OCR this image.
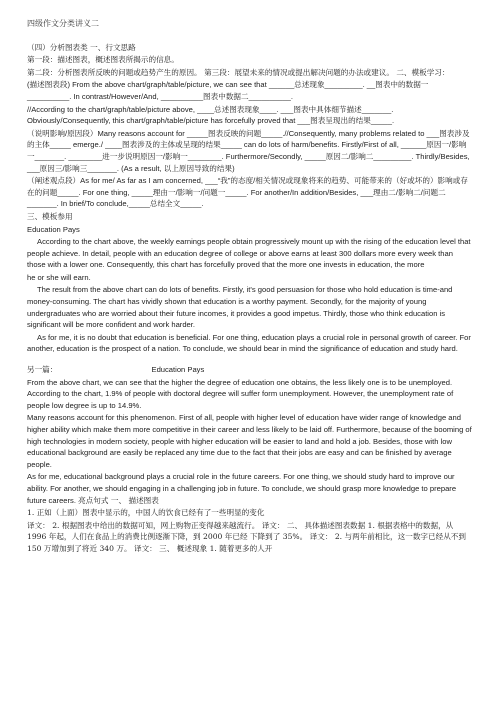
四级作文分类讲义二

（四）分析图表类 一、行文思路

第一段：描述图表，概述图表所揭示的信息。

第二段：分析图表所反映的问题或趋势产生的原因。 第三段：展望未来的情况或提出解决问题的办法或建议。 二、模板学习：

(描述图表段) From the above chart/graph/table/picture, we can see that ______总述现象_________. __图表中的数据一__________. In contrast/However/And, __________图表中数据二__________.

//According to the chart/graph/table/picture above, ____总述图表现象____. ___图表中具体细节描述_______. Obviously/Consequently, this chart/graph/table/picture has forcefully proved that ___图表呈现出的结果_____.

（说明影响/原因段）Many reasons account for _____图表反映的问题_____.//Consequently, many problems related to ___图表涉及的主体_____ emerge./ ____图表涉及的主体或呈现的结果_____ can do lots of harm/benefits. Firstly/First of all, ______原因一/影响一_______. ________进一步说明原因一/影响一________. Furthermore/Secondly, _____原因二/影响二_________. Thirdly/Besides, ___原因三/影响三_______. (As a result, 以上原因导致的结果)

（阐述观点段）As for me/ As far as I am concerned, ___“我”的态度/相关情况或现象将来的趋势、可能带来的（好或坏的）影响或存在的问题_____. For one thing, _____理由一/影响一/问题一_____. For another/In addition/Besides, ___理由二/影响二/问题二_______. In brief/To conclude,_____总结全文_____.

三、模板参用

Education Pays

According to the chart above, the weekly earnings people obtain progressively mount up with the rising of the education level that people achieve. In detail, people with an education degree of college or above earns at least 300 dollars more every week than those with a lower one. Consequently, this chart has forcefully proved that the more one invests in education, the more

he or she will earn.

The result from the above chart can do lots of benefits. Firstly, it's good persuasion for those who hold education is time-and money-consuming. The chart has vividly shown that education is a worthy payment. Secondly, for the majority of young undergraduates who are worried about their future incomes, it provides a good impetus. Thirdly, those who think education is significant will be more confident and work harder.

As for me, it is no doubt that education is beneficial. For one thing, education plays a crucial role in personal growth of career. For another, education is the prospect of a nation. To conclude, we should bear in mind the significance of education and study hard.

另一篇：	Education Pays

From the above chart, we can see that the higher the degree of education one obtains, the less likely one is to be unemployed. According to the chart, 1.9% of people with doctoral degree will suffer form unemployment. However, the unemployment rate of people low degree is up to 14.9%.

Many reasons account for this phenomenon. First of all, people with higher level of education have wider range of knowledge and higher ability which make them more competitive in their career and less likely to be laid off. Furthermore, because of the booming of high technologies in modern society, people with higher education will be easier to land and hold a job. Besides, those with low educational background are easily be replaced any time due to the fact that their jobs are easy and can be finished by average people.

As for me, educational background plays a crucial role in the future careers. For one thing, we should study hard to improve our ability. For another, we should engaging in a challenging job in future. To conclude, we should grasp more knowledge to prepare future careers. 亮点句式 一、 描述图表

1. 正如（上面）图表中显示的，中国人的饮食已经有了一些明显的变化

译文： 2. 根据图表中给出的数据可知，网上购物正变得越来越流行。 译文： 二、 具体描述图表数据 1. 根据表格中的数据，从 1996 年起，人们在食品上的消费比例逐渐下降，到 2000 年已经 下降到了 35%。 译文： 2. 与两年前相比，这一数字已经从不到 150 万增加到了将近 340 万。 译文： 三、 概述现象 1. 随着更多的人开
